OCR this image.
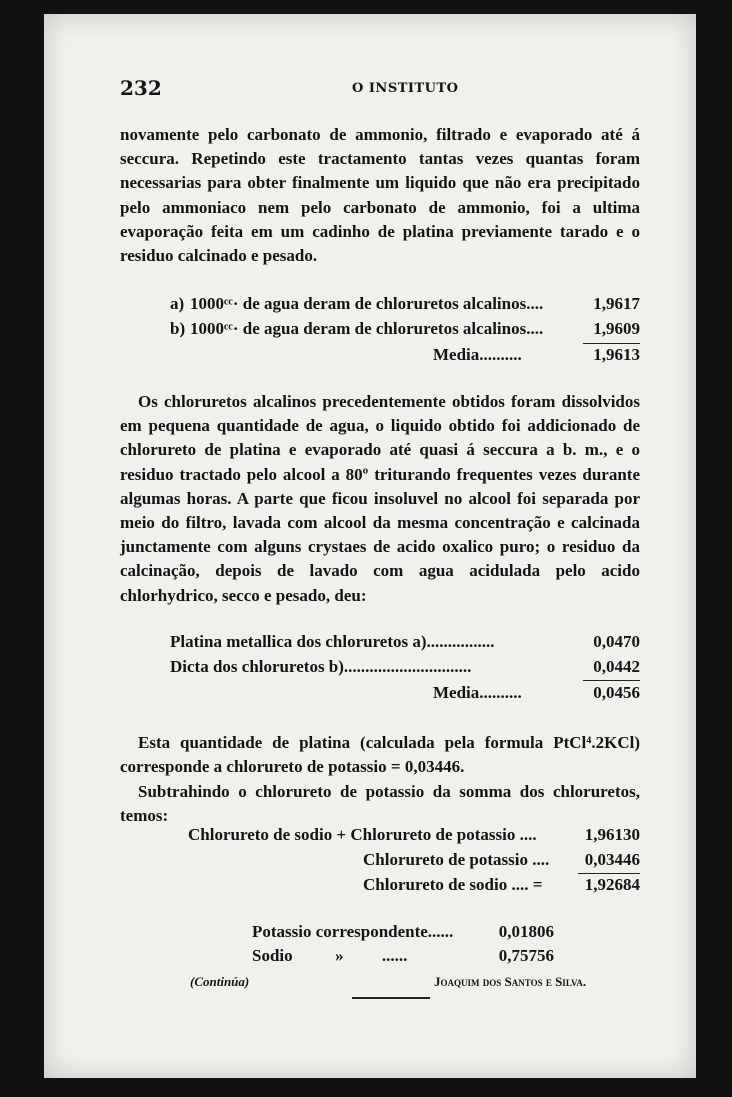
232	O INSTITUTO
novamente pelo carbonato de ammonio, filtrado e evaporado até á seccura. Repetindo este tractamento tantas vezes quantas foram necessarias para obter finalmente um liquido que não era precipitado pelo ammoniaco nem pelo carbonato de ammonio, foi a ultima evaporação feita em um cadinho de platina previamente tarado e o residuo calcinado e pesado.
a) 1000ᶜᶜ· de agua deram de chloruretos alcalinos....	1,9617
b) 1000ᶜᶜ· de agua deram de chloruretos alcalinos....	1,9609
Media..........	1,9613
Os chloruretos alcalinos precedentemente obtidos foram dissolvidos em pequena quantidade de agua, o liquido obtido foi addicionado de chlorureto de platina e evaporado até quasi á seccura a b. m., e o residuo tractado pelo alcool a 80º triturando frequentes vezes durante algumas horas. A parte que ficou insoluvel no alcool foi separada por meio do filtro, lavada com alcool da mesma concentração e calcinada junctamente com alguns crystaes de acido oxalico puro; o residuo da calcinação, depois de lavado com agua acidulada pelo acido chlorhydrico, secco e pesado, deu:
Platina metallica dos chloruretos a)................	0,0470
Dicta dos chloruretos b)..............................	0,0442
Media..........	0,0456
Esta quantidade de platina (calculada pela formula PtCl⁴.2KCl) corresponde a chlorureto de potassio = 0,03446.
Subtrahindo o chlorureto de potassio da somma dos chloruretos, temos:
Chlorureto de sodio + Chlorureto de potassio ....	1,96130
Chlorureto de potassio .... 0,03446
Chlorureto de sodio .... = 1,92684
Potassio correspondente......	0,01806
Sodio          »         ......	0,75756
(Continúa)	Joaquim dos Santos e Silva.
